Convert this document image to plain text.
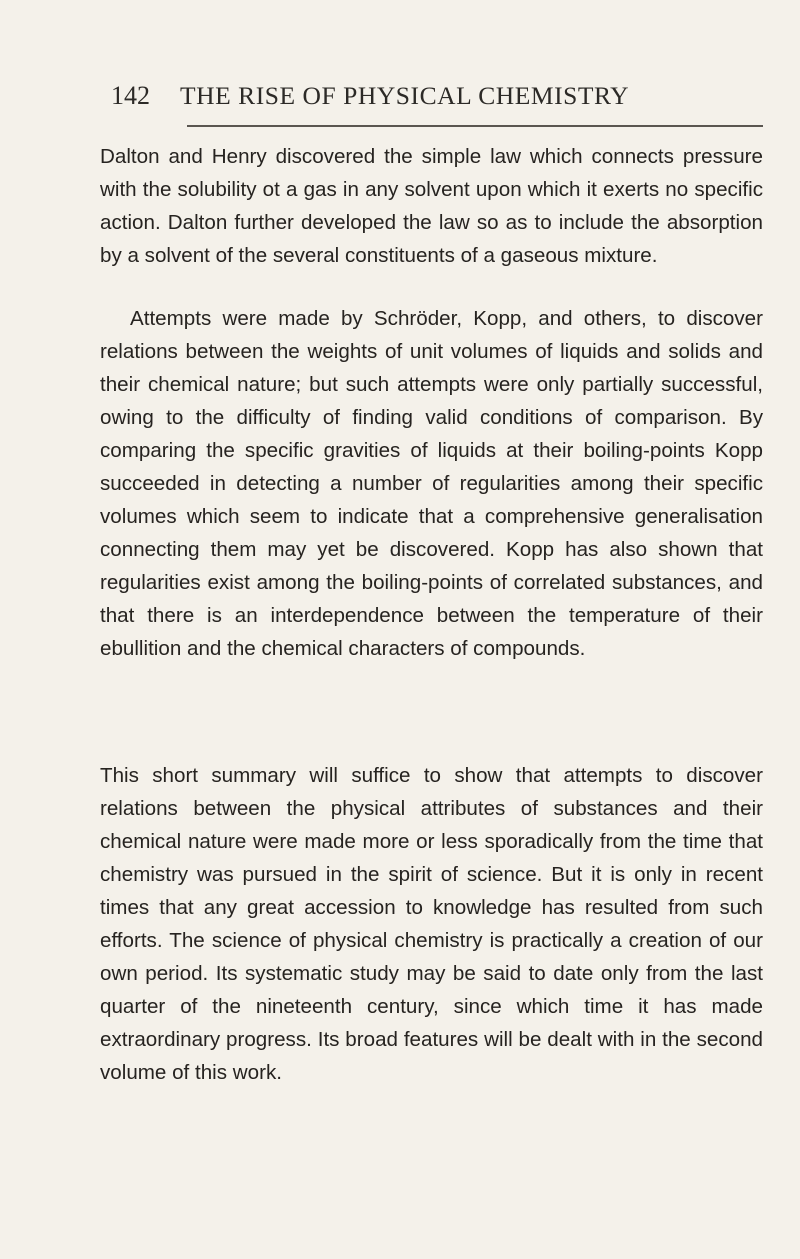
142 THE RISE OF PHYSICAL CHEMISTRY

Dalton and Henry discovered the simple law which connects pressure with the solubility ot a gas in any solvent upon which it exerts no specific action. Dalton further developed the law so as to include the absorption by a solvent of the several constituents of a gaseous mixture.

Attempts were made by Schröder, Kopp, and others, to discover relations between the weights of unit volumes of liquids and solids and their chemical nature; but such attempts were only partially successful, owing to the difficulty of finding valid conditions of comparison. By comparing the specific gravities of liquids at their boiling-points Kopp succeeded in detecting a number of regularities among their specific volumes which seem to indicate that a comprehensive generalisation connecting them may yet be discovered. Kopp has also shown that regularities exist among the boiling-points of correlated substances, and that there is an interdependence between the temperature of their ebullition and the chemical characters of compounds.

This short summary will suffice to show that attempts to discover relations between the physical attributes of substances and their chemical nature were made more or less sporadically from the time that chemistry was pursued in the spirit of science. But it is only in recent times that any great accession to knowledge has resulted from such efforts. The science of physical chemistry is practically a creation of our own period. Its systematic study may be said to date only from the last quarter of the nineteenth century, since which time it has made extraordinary progress. Its broad features will be dealt with in the second volume of this work.
